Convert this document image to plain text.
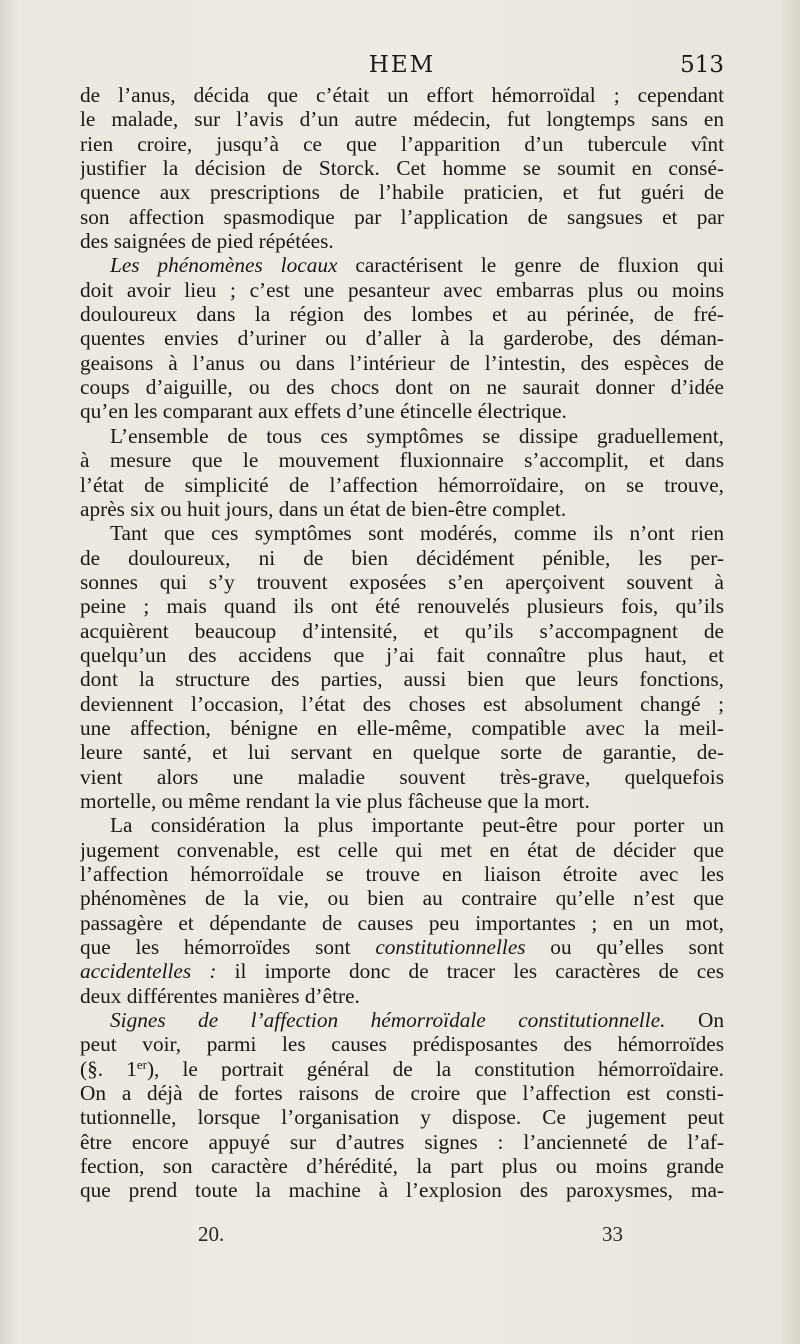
HEM	513

de l’anus, décida que c’était un effort hémorroïdal ; cependant
le malade, sur l’avis d’un autre médecin, fut longtemps sans en
rien croire, jusqu’à ce que l’apparition d’un tubercule vînt
justifier la décision de Storck. Cet homme se soumit en consé-
quence aux prescriptions de l’habile praticien, et fut guéri de
son affection spasmodique par l’application de sangsues et par
des saignées de pied répétées.

Les phénomènes locaux caractérisent le genre de fluxion qui
doit avoir lieu ; c’est une pesanteur avec embarras plus ou moins
douloureux dans la région des lombes et au périnée, de fré-
quentes envies d’uriner ou d’aller à la garderobe, des déman-
geaisons à l’anus ou dans l’intérieur de l’intestin, des espèces de
coups d’aiguille, ou des chocs dont on ne saurait donner d’idée
qu’en les comparant aux effets d’une étincelle électrique.

L’ensemble de tous ces symptômes se dissipe graduellement,
à mesure que le mouvement fluxionnaire s’accomplit, et dans
l’état de simplicité de l’affection hémorroïdaire, on se trouve,
après six ou huit jours, dans un état de bien-être complet.

Tant que ces symptômes sont modérés, comme ils n’ont rien
de douloureux, ni de bien décidément pénible, les per-
sonnes qui s’y trouvent exposées s’en aperçoivent souvent à
peine ; mais quand ils ont été renouvelés plusieurs fois, qu’ils
acquièrent beaucoup d’intensité, et qu’ils s’accompagnent de
quelqu’un des accidens que j’ai fait connaître plus haut, et
dont la structure des parties, aussi bien que leurs fonctions,
deviennent l’occasion, l’état des choses est absolument changé ;
une affection, bénigne en elle-même, compatible avec la meil-
leure santé, et lui servant en quelque sorte de garantie, de-
vient alors une maladie souvent très-grave, quelquefois
mortelle, ou même rendant la vie plus fâcheuse que la mort.

La considération la plus importante peut-être pour porter un
jugement convenable, est celle qui met en état de décider que
l’affection hémorroïdale se trouve en liaison étroite avec les
phénomènes de la vie, ou bien au contraire qu’elle n’est que
passagère et dépendante de causes peu importantes ; en un mot,
que les hémorroïdes sont constitutionnelles ou qu’elles sont
accidentelles : il importe donc de tracer les caractères de ces
deux différentes manières d’être.

Signes de l’affection hémorroïdale constitutionnelle. On
peut voir, parmi les causes prédisposantes des hémorroïdes
(§. 1er), le portrait général de la constitution hémorroïdaire.
On a déjà de fortes raisons de croire que l’affection est consti-
tutionnelle, lorsque l’organisation y dispose. Ce jugement peut
être encore appuyé sur d’autres signes : l’ancienneté de l’af-
fection, son caractère d’hérédité, la part plus ou moins grande
que prend toute la machine à l’explosion des paroxysmes, ma-

20.	33
